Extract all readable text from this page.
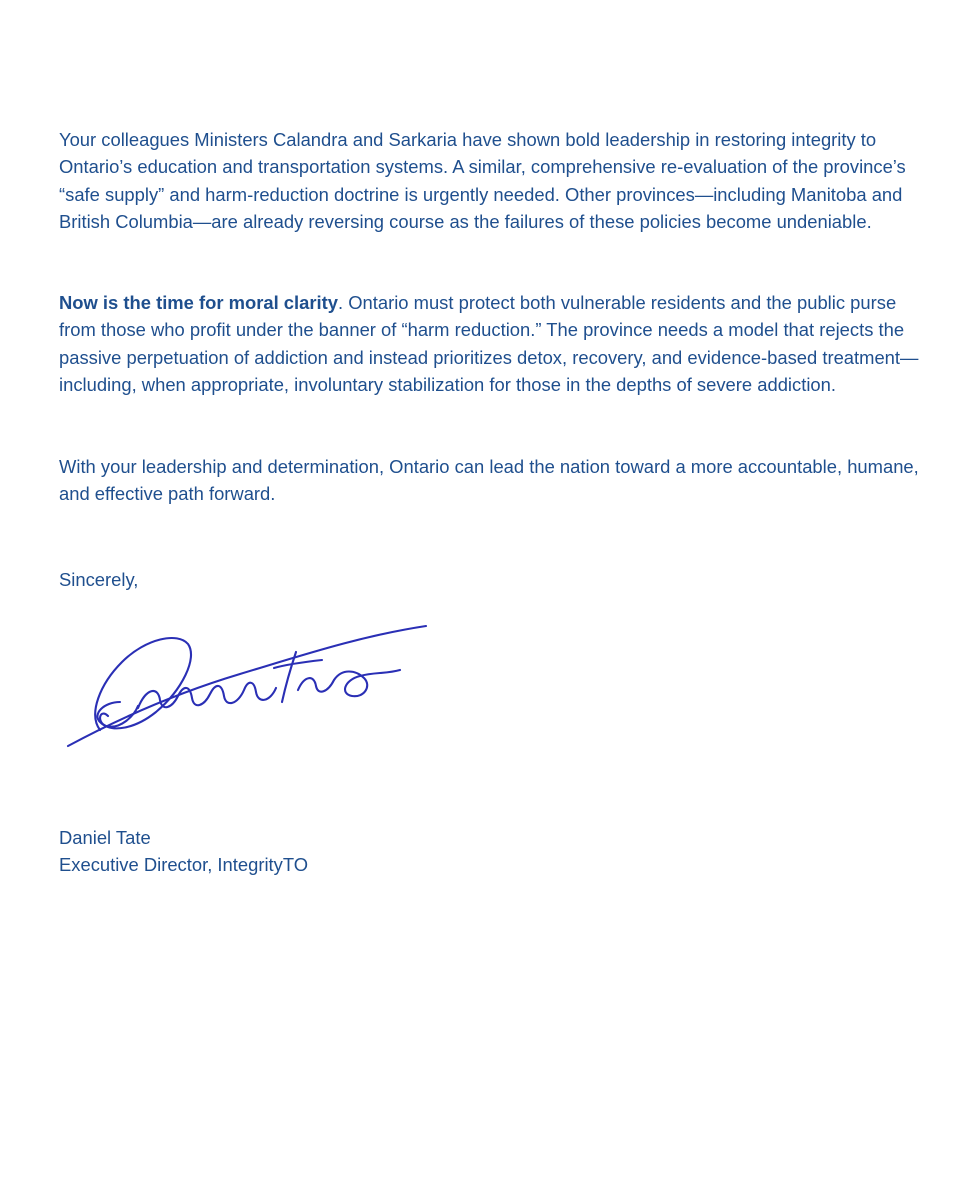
Your colleagues Ministers Calandra and Sarkaria have shown bold leadership in restoring integrity to Ontario’s education and transportation systems. A similar, comprehensive re-evaluation of the province’s “safe supply” and harm-reduction doctrine is urgently needed. Other provinces—including Manitoba and British Columbia—are already reversing course as the failures of these policies become undeniable.

Now is the time for moral clarity. Ontario must protect both vulnerable residents and the public purse from those who profit under the banner of “harm reduction.” The province needs a model that rejects the passive perpetuation of addiction and instead prioritizes detox, recovery, and evidence-based treatment—including, when appropriate, involuntary stabilization for those in the depths of severe addiction.

With your leadership and determination, Ontario can lead the nation toward a more accountable, humane, and effective path forward.

Sincerely,
Daniel Tate
Executive Director, IntegrityTO
